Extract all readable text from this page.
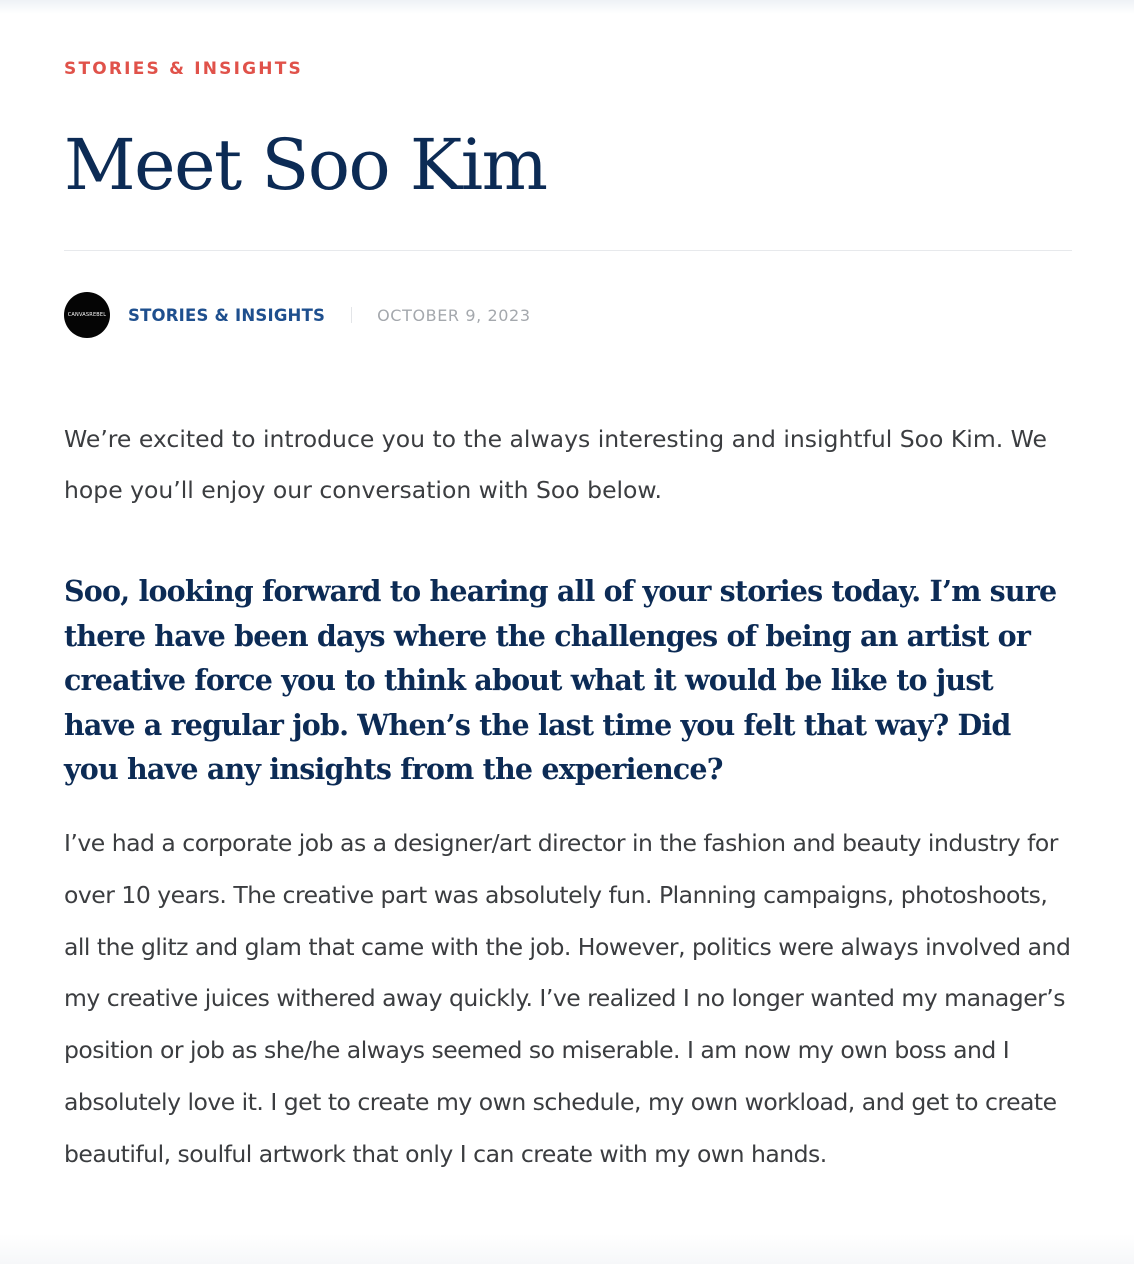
STORIES & INSIGHTS
Meet Soo Kim
CANVASREBEL STORIES & INSIGHTS	OCTOBER 9, 2023

We’re excited to introduce you to the always interesting and insightful Soo Kim. We hope you’ll enjoy our conversation with Soo below.

Soo, looking forward to hearing all of your stories today. I’m sure there have been days where the challenges of being an artist or creative force you to think about what it would be like to just have a regular job. When’s the last time you felt that way? Did you have any insights from the experience?

I’ve had a corporate job as a designer/art director in the fashion and beauty industry for over 10 years. The creative part was absolutely fun. Planning campaigns, photoshoots, all the glitz and glam that came with the job. However, politics were always involved and my creative juices withered away quickly. I’ve realized I no longer wanted my manager’s position or job as she/he always seemed so miserable. I am now my own boss and I absolutely love it. I get to create my own schedule, my own workload, and get to create beautiful, soulful artwork that only I can create with my own hands.
